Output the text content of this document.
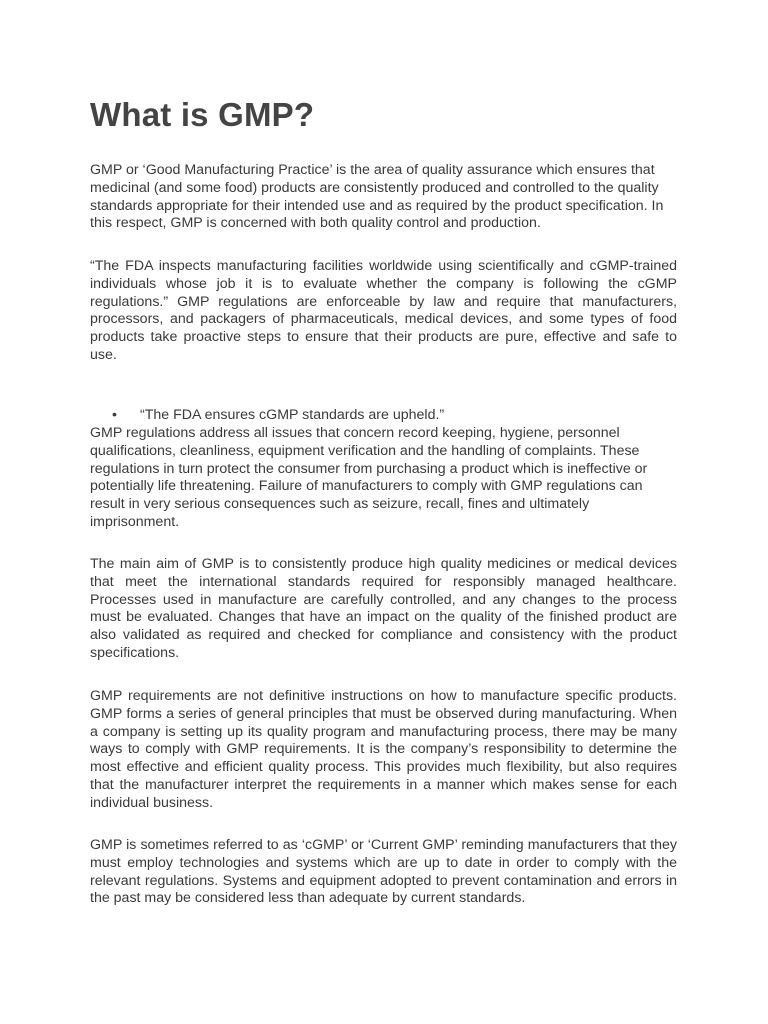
What is GMP?

GMP or ‘Good Manufacturing Practice’ is the area of quality assurance which ensures that medicinal (and some food) products are consistently produced and controlled to the quality standards appropriate for their intended use and as required by the product specification. In this respect, GMP is concerned with both quality control and production.

“The FDA inspects manufacturing facilities worldwide using scientifically and cGMP-trained individuals whose job it is to evaluate whether the company is following the cGMP regulations.” GMP regulations are enforceable by law and require that manufacturers, processors, and packagers of pharmaceuticals, medical devices, and some types of food products take proactive steps to ensure that their products are pure, effective and safe to use.

• “The FDA ensures cGMP standards are upheld.”

GMP regulations address all issues that concern record keeping, hygiene, personnel qualifications, cleanliness, equipment verification and the handling of complaints. These regulations in turn protect the consumer from purchasing a product which is ineffective or potentially life threatening. Failure of manufacturers to comply with GMP regulations can result in very serious consequences such as seizure, recall, fines and ultimately imprisonment.

The main aim of GMP is to consistently produce high quality medicines or medical devices that meet the international standards required for responsibly managed healthcare. Processes used in manufacture are carefully controlled, and any changes to the process must be evaluated. Changes that have an impact on the quality of the finished product are also validated as required and checked for compliance and consistency with the product specifications.

GMP requirements are not definitive instructions on how to manufacture specific products. GMP forms a series of general principles that must be observed during manufacturing. When a company is setting up its quality program and manufacturing process, there may be many ways to comply with GMP requirements. It is the company’s responsibility to determine the most effective and efficient quality process. This provides much flexibility, but also requires that the manufacturer interpret the requirements in a manner which makes sense for each individual business.

GMP is sometimes referred to as ‘cGMP’ or ‘Current GMP’ reminding manufacturers that they must employ technologies and systems which are up to date in order to comply with the relevant regulations. Systems and equipment adopted to prevent contamination and errors in the past may be considered less than adequate by current standards.
